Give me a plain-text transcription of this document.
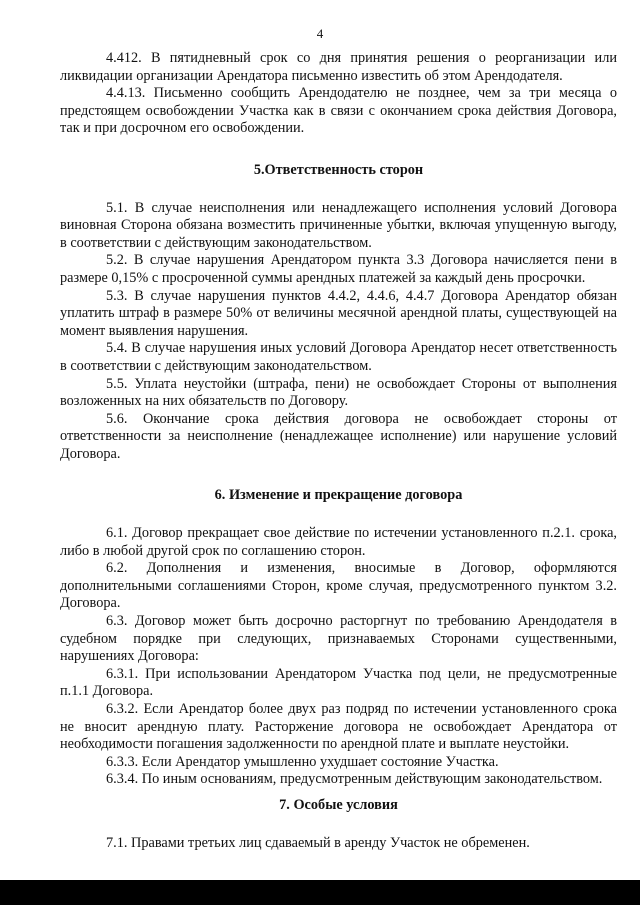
4

4.412. В пятидневный срок со дня принятия решения о реорганизации или ликвидации организации Арендатора письменно известить об этом Арендодателя.

4.4.13. Письменно сообщить Арендодателю не позднее, чем за три месяца о предстоящем освобождении Участка как в связи с окончанием срока действия Договора, так и при досрочном его освобождении.

5.Ответственность сторон

5.1. В случае неисполнения или ненадлежащего исполнения условий Договора виновная Сторона обязана возместить причиненные убытки, включая упущенную выгоду, в соответствии с действующим законодательством.

5.2. В случае нарушения Арендатором пункта 3.3 Договора начисляется пени в размере 0,15% с просроченной суммы арендных платежей за каждый день просрочки.

5.3. В случае нарушения пунктов 4.4.2, 4.4.6, 4.4.7 Договора Арендатор обязан уплатить штраф в размере 50% от величины месячной арендной платы, существующей на момент выявления нарушения.

5.4. В случае нарушения иных условий Договора Арендатор несет ответственность в соответствии с действующим законодательством.

5.5. Уплата неустойки (штрафа, пени) не освобождает Стороны от выполнения возложенных на них обязательств по Договору.

5.6. Окончание срока действия договора не освобождает стороны от ответственности за неисполнение (ненадлежащее исполнение) или нарушение условий Договора.

6. Изменение и прекращение договора

6.1. Договор прекращает свое действие по истечении установленного п.2.1. срока, либо в любой другой срок по соглашению сторон.

6.2. Дополнения и изменения, вносимые в Договор, оформляются дополнительными соглашениями Сторон, кроме случая, предусмотренного пунктом 3.2. Договора.

6.3. Договор может быть досрочно расторгнут по требованию Арендодателя в судебном порядке при следующих, признаваемых Сторонами существенными, нарушениях Договора:

6.3.1. При использовании Арендатором Участка под цели, не предусмотренные п.1.1 Договора.

6.3.2. Если Арендатор более двух раз подряд по истечении установленного срока не вносит арендную плату. Расторжение договора не освобождает Арендатора от необходимости погашения задолженности по арендной плате и выплате неустойки.

6.3.3. Если Арендатор умышленно ухудшает состояние Участка.

6.3.4. По иным основаниям, предусмотренным действующим законодательством.

7. Особые условия

7.1. Правами третьих лиц сдаваемый в аренду Участок не обременен.
